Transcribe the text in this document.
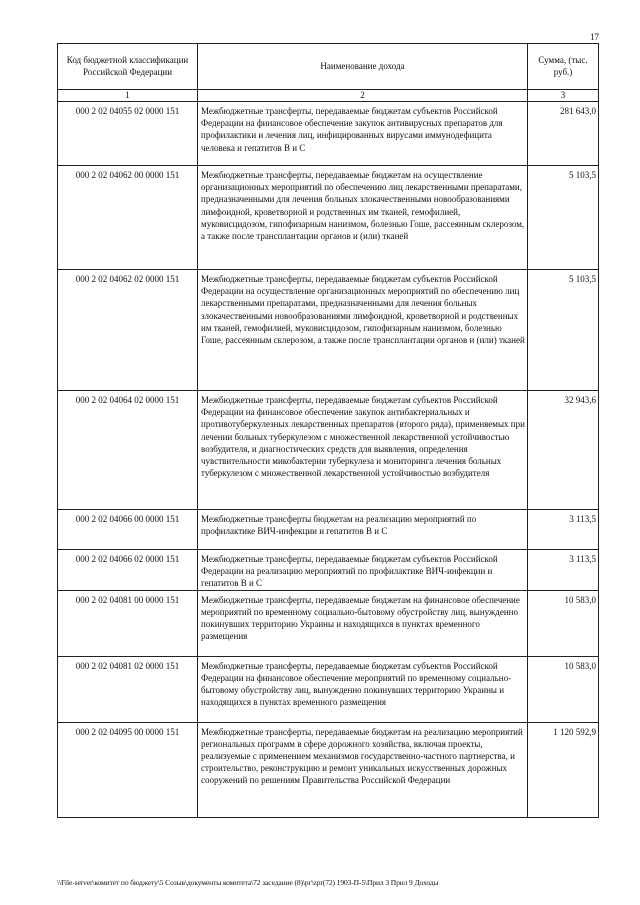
17
Код бюджетной классификации Российской Федерации	Наименование дохода	Сумма, (тыс. руб.)
1	2	3
000 2 02 04055 02 0000 151	Межбюджетные трансферты, передаваемые бюджетам субъектов Российской Федерации на финансовое обеспечение закупок антивирусных препаратов для профилактики и лечения лиц, инфицированных вирусами иммунодефицита человека и гепатитов В и С	281 643,0
000 2 02 04062 00 0000 151	Межбюджетные трансферты, передаваемые бюджетам на осуществление организационных мероприятий по обеспечению лиц лекарственными препаратами, предназначенными для лечения больных злокачественными новообразованиями лимфоидной, кроветворной и родственных им тканей, гемофилией, муковисцидозом, гипофизарным нанизмом, болезнью Гоше, рассеянным склерозом, а также после трансплантации органов и (или) тканей	5 103,5
000 2 02 04062 02 0000 151	Межбюджетные трансферты, передаваемые бюджетам субъектов Российской Федерации на осуществление организационных мероприятий по обеспечению лиц лекарственными препаратами, предназначенными для лечения больных злокачественными новообразованиями лимфоидной, кроветворной и родственных им тканей, гемофилией, муковисцидозом, гипофизарным нанизмом, болезнью Гоше, рассеянным склерозом, а также после трансплантации органов и (или) тканей	5 103,5
000 2 02 04064 02 0000 151	Межбюджетные трансферты, передаваемые бюджетам субъектов Российской Федерации на финансовое обеспечение закупок антибактериальных и противотуберкулезных лекарственных препаратов (второго ряда), применяемых при лечении больных туберкулезом с множественной лекарственной устойчивостью возбудителя, и диагностических средств для выявления, определения чувствительности микобактерии туберкулеза и мониторинга лечения больных туберкулезом с множественной лекарственной устойчивостью возбудителя	32 943,6
000 2 02 04066 00 0000 151	Межбюджетные трансферты бюджетам на реализацию мероприятий по профилактике ВИЧ-инфекции и гепатитов В и С	3 113,5
000 2 02 04066 02 0000 151	Межбюджетные трансферты, передаваемые бюджетам субъектов Российской Федерации на реализацию мероприятий по профилактике ВИЧ-инфекции и гепатитов В и С	3 113,5
000 2 02 04081 00 0000 151	Межбюджетные трансферты, передаваемые бюджетам на финансовое обеспечение мероприятий по временному социально-бытовому обустройству лиц, вынужденно покинувших территорию Украины и находящихся в пунктах временного размещения	10 583,0
000 2 02 04081 02 0000 151	Межбюджетные трансферты, передаваемые бюджетам субъектов Российской Федерации на финансовое обеспечение мероприятий по временному социально-бытовому обустройству лиц, вынужденно покинувших территорию Украины и находящихся в пунктах временного размещения	10 583,0
000 2 02 04095 00 0000 151	Межбюджетные трансферты, передаваемые бюджетам на реализацию мероприятий региональных программ в сфере дорожного хозяйства, включая проекты, реализуемые с применением механизмов государственно-частного партнерства, и строительство, реконструкцию и ремонт уникальных искусственных дорожных сооружений по решениям Правительства Российской Федерации	1 120 592,9
\\File-server\комитет по бюджету\5 Созыв\документы комитета\72 заседание (8)\рг\zpr(72) 1903-П-5\Прил 3 Прил 9 Доходы
